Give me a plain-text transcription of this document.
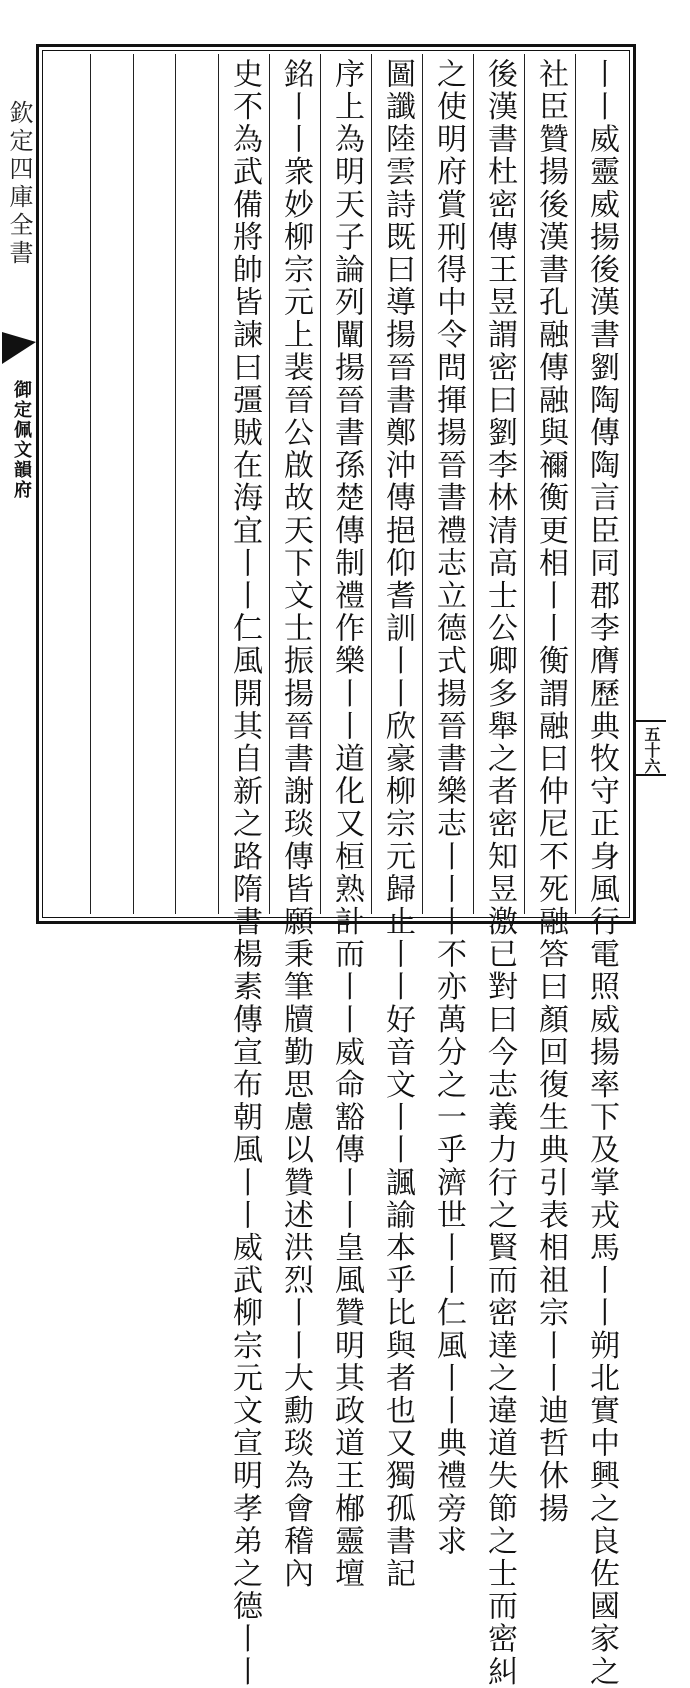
欽定四庫全書
御定佩文韻府	丨丨威靈威揚後漢書劉陶傳陶言臣同郡李膺歷典牧守正身風行電照威揚率下及掌戎馬丨丨朔北實中興之良佐國家之
社臣贊揚後漢書孔融傳融與禰衡更相丨丨衡謂融曰仲尼不死融答曰顏回復生典引表相祖宗丨丨迪哲休揚
後漢書杜密傳王昱謂密曰劉李林清高士公卿多舉之者密知昱激已對曰今志義力行之賢而密達之違道失節之士而密糾
之使明府賞刑得中令問揮揚晉書禮志立德式揚晉書樂志丨丨丨不亦萬分之一乎濟世丨丨仁風丨丨典禮旁求
圖讖陸雲詩既曰導揚晉書鄭沖傳挹仰耆訓丨丨欣豪柳宗元歸止丨丨好音文丨丨諷諭本乎比與者也又獨孤書記
序上為明天子論列闡揚晉書孫楚傳制禮作樂丨丨道化又桓熟計而丨丨威命豁傳丨丨皇風贊明其政道王㮋靈壇
銘丨丨衆妙柳宗元上裴晉公啟故天下文士振揚晉書謝琰傳皆願秉筆牘勤思慮以贊述洪烈丨丨大勳琰為會稽內
史不為武備將帥皆諫曰彊賊在海宜丨丨仁風開其自新之路隋書楊素傳宣布朝風丨丨威武柳宗元文宣明孝弟之德丨丨	五十六
